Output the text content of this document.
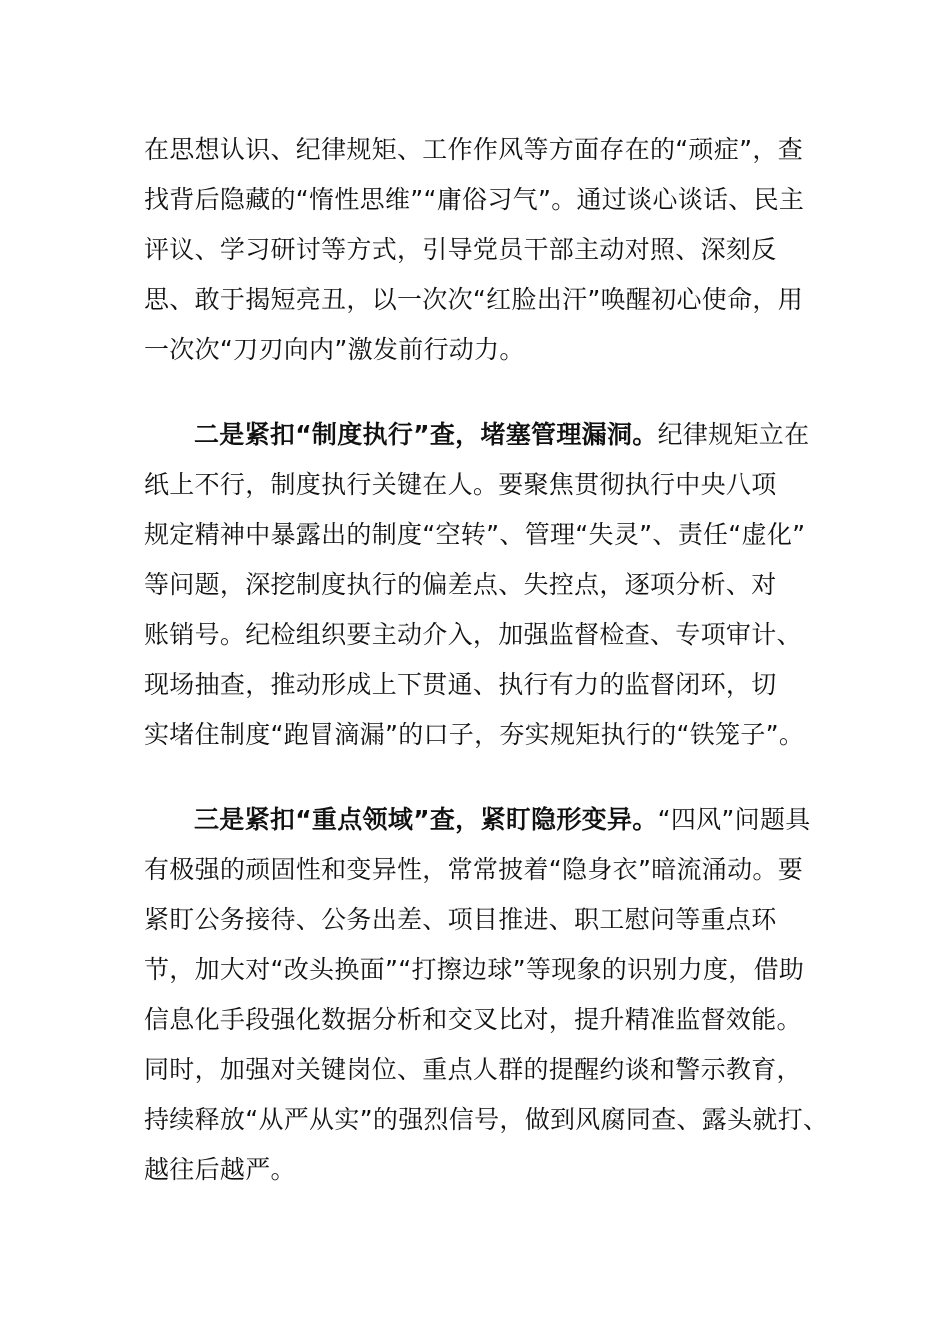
在思想认识、纪律规矩、工作作风等方面存在的“顽症”，查
找背后隐藏的“惰性思维”“庸俗习气”。通过谈心谈话、民主
评议、学习研讨等方式，引导党员干部主动对照、深刻反
思、敢于揭短亮丑，以一次次“红脸出汗”唤醒初心使命，用
一次次“刀刃向内”激发前行动力。
二是紧扣“制度执行”查，堵塞管理漏洞。纪律规矩立在
纸上不行，制度执行关键在人。要聚焦贯彻执行中央八项
规定精神中暴露出的制度“空转”、管理“失灵”、责任“虚化”
等问题，深挖制度执行的偏差点、失控点，逐项分析、对
账销号。纪检组织要主动介入，加强监督检查、专项审计、
现场抽查，推动形成上下贯通、执行有力的监督闭环，切
实堵住制度“跑冒滴漏”的口子，夯实规矩执行的“铁笼子”。
三是紧扣“重点领域”查，紧盯隐形变异。“四风”问题具
有极强的顽固性和变异性，常常披着“隐身衣”暗流涌动。要
紧盯公务接待、公务出差、项目推进、职工慰问等重点环
节，加大对“改头换面”“打擦边球”等现象的识别力度，借助
信息化手段强化数据分析和交叉比对，提升精准监督效能。
同时，加强对关键岗位、重点人群的提醒约谈和警示教育，
持续释放“从严从实”的强烈信号，做到风腐同查、露头就打、
越往后越严。
